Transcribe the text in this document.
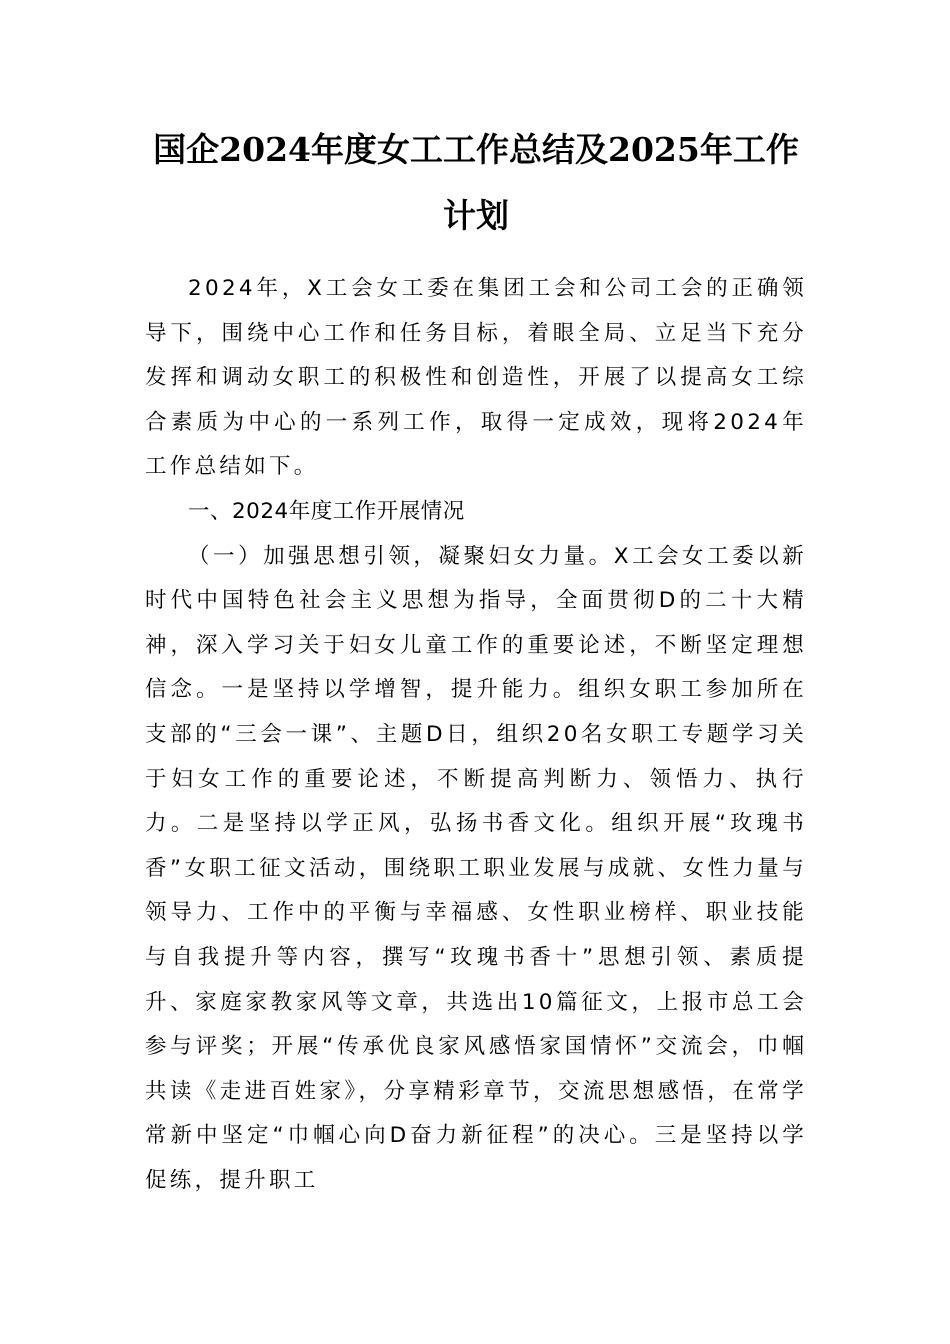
国企2024年度女工工作总结及2025年工作计划

2024年，X工会女工委在集团工会和公司工会的正确领导下，围绕中心工作和任务目标，着眼全局、立足当下充分发挥和调动女职工的积极性和创造性，开展了以提高女工综合素质为中心的一系列工作，取得一定成效，现将2024年工作总结如下。

一、2024年度工作开展情况

（一）加强思想引领，凝聚妇女力量。X工会女工委以新时代中国特色社会主义思想为指导，全面贯彻D的二十大精神，深入学习关于妇女儿童工作的重要论述，不断坚定理想信念。一是坚持以学增智，提升能力。组织女职工参加所在支部的“三会一课”、主题D日，组织20名女职工专题学习关于妇女工作的重要论述，不断提高判断力、领悟力、执行力。二是坚持以学正风，弘扬书香文化。组织开展“玫瑰书香”女职工征文活动，围绕职工职业发展与成就、女性力量与领导力、工作中的平衡与幸福感、女性职业榜样、职业技能与自我提升等内容，撰写“玫瑰书香十”思想引领、素质提升、家庭家教家风等文章，共选出10篇征文，上报市总工会参与评奖；开展“传承优良家风感悟家国情怀”交流会，巾帼共读《走进百姓家》，分享精彩章节，交流思想感悟，在常学常新中坚定“巾帼心向D奋力新征程”的决心。三是坚持以学促练，提升职工
